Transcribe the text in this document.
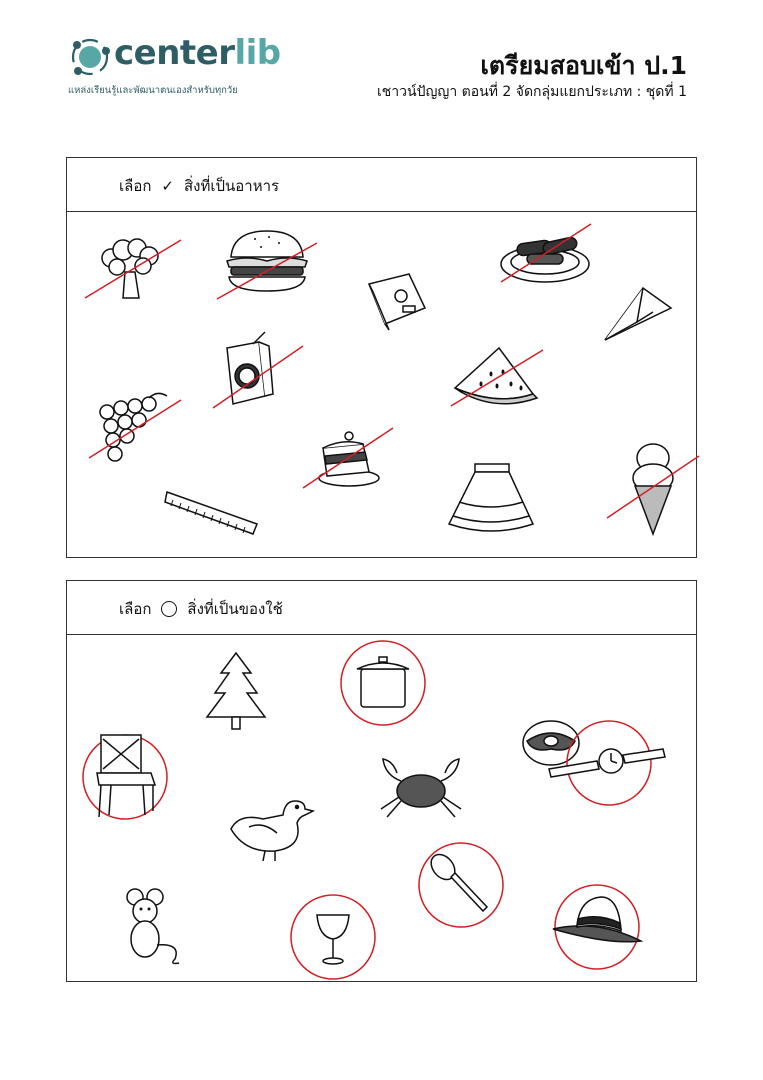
centerlib
แหล่งเรียนรู้และพัฒนาตนเองสำหรับทุกวัย
เตรียมสอบเข้า ป.1
เชาวน์ปัญญา ตอนที่ 2 จัดกลุ่มแยกประเภท : ชุดที่ 1
เลือก ✓ สิ่งที่เป็นอาหาร
เลือก สิ่งที่เป็นของใช้
